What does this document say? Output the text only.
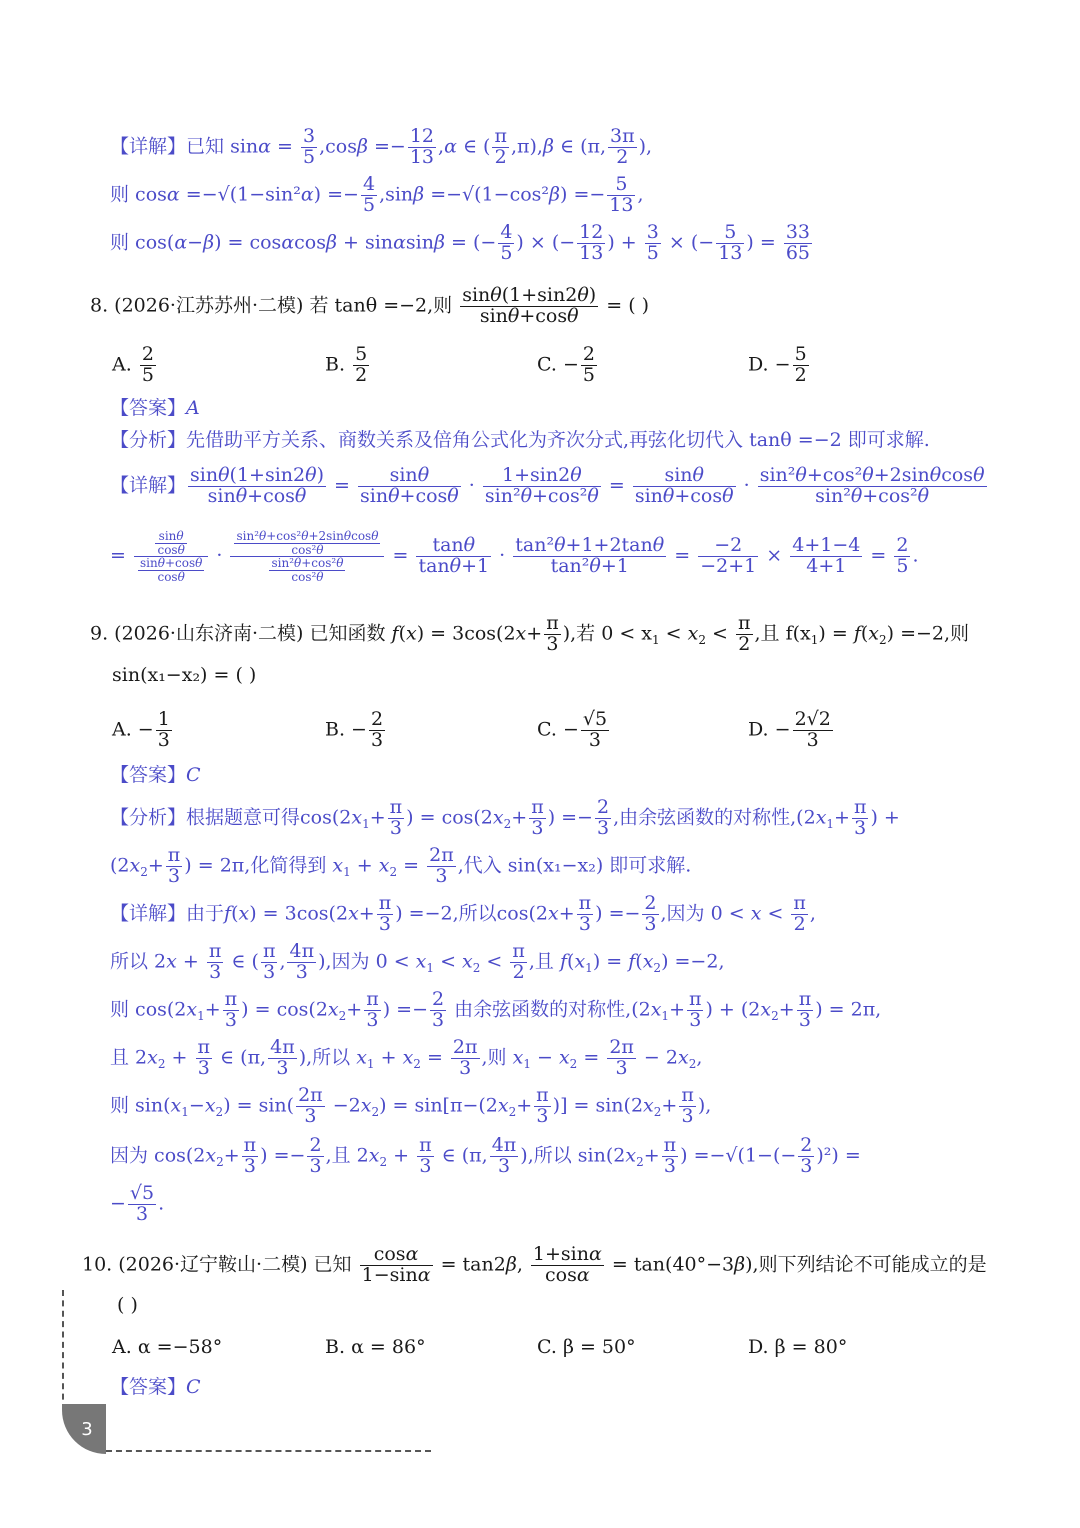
【详解】已知 $\sin\alpha = \frac{3}{5} ,\cos\beta =- \frac{12}{13} ,\alpha$ ∈ ( $\frac{\pi}{2} ,\pi),\beta$ ∈ (π, $\frac{3\pi}{2}$ ),
则 $\cos\alpha =-√(1-\sin^2\alpha) =- \frac{4}{5} ,\sin\beta =-√(1-\cos^2\beta) =- \frac{5}{13}$ ,
则 cos(α−β) = cosαcosβ + sinαsinβ = (− $\frac{4}{5}$ ) × (− $\frac{12}{13}$ ) + $\frac{3}{5}$ × (− $\frac{5}{13}$ ) = $\frac{33}{65}$
8. (2026·江苏苏州·二模) 若 tanθ =−2,则 $\frac{\sin\theta(1+\sin 2\theta)}{\sin\theta+\cos\theta}$ = ( )
A. $\frac{2}{5}$	B. $\frac{5}{2}$	C. − $\frac{2}{5}$	D. − $\frac{5}{2}$
【答案】A
【分析】先借助平方关系、商数关系及倍角公式化为齐次分式,再弦化切代入 tanθ =−2 即可求解.
【详解】 $\frac{\sin\theta(1+\sin 2\theta)}{\sin\theta+\cos\theta} = \frac{\sin\theta}{\sin\theta+\cos\theta} \cdot \frac{1+\sin 2\theta}{\text{sin²θ+cos²θ}} = \frac{\sin\theta}{\sin\theta+\cos\theta} \cdot \frac{\text{sin²θ+cos²θ+2sinθcosθ}}{\text{sin²θ+cos²θ}}$
= $\frac{\frac{\sin\theta}{\cos\theta}}{\frac{\sin\theta+\cos\theta}{\cos\theta}} \cdot \frac{\frac{\text{sin²θ+cos²θ+2sinθcosθ}}{\text{cos²θ}}}{\frac{\text{sin²θ+cos²θ}}{\text{cos²θ}}} = \frac{\tan\theta}{\tan\theta+1} \cdot \frac{\text{tan²θ+1+2tanθ}}{\text{tan²θ+1}} = \frac{-2}{-2+1} \times \frac{4+1-4}{4+1} = \frac{2}{5}$ .
9. (2026·山东济南·二模) 已知函数 $f(x) = 3\cos(2x+ \frac{\pi}{3}$ ),若 $0 < x_1 < x_2 < \frac{\pi}{2}$ ,且 $f(x_1) = f(x_2) =-2$,则
sin(x₁−x₂) = ( )
A. − $\frac{1}{3}$	B. − $\frac{2}{3}$	C. − $\frac{√5}{3}$	D. − $\frac{2√2}{3}$
【答案】C
【分析】根据题意可得$\cos(2x_1+ \frac{\pi}{3}$ ) = $\cos(2x_2+ \frac{\pi}{3}$ ) =− $\frac{2}{3}$ ,由余弦函数的对称性$,(2x_1+ \frac{\pi}{3}$ ) +
($2x_2+ \frac{\pi}{3}$ ) = 2π,化简得到 $x_1 + x_2 = \frac{2\pi}{3}$ ,代入 sin(x₁−x₂) 即可求解.
【详解】由于$f(x) = 3\cos(2x+ \frac{\pi}{3}$ ) =−2,所以$\cos(2x+ \frac{\pi}{3}$ ) =− $\frac{2}{3}$ ,因为 $0 < x < \frac{\pi}{2}$ ,
所以 $2x + \frac{\pi}{3}$ ∈ ( $\frac{\pi}{3}$ , $\frac{4\pi}{3}$ ),因为 $0 < x_1 < x_2 < \frac{\pi}{2}$ ,且 $f(x_1) = f(x_2) =-2$,
则 $\cos(2x_1+ \frac{\pi}{3}$ ) = $\cos(2x_2+ \frac{\pi}{3}$ ) =− $\frac{2}{3}$ 由余弦函数的对称性$,(2x_1+ \frac{\pi}{3}$ ) + ($2x_2+ \frac{\pi}{3}$ ) = 2π,
且 $2x_2 + \frac{\pi}{3}$ ∈ (π, $\frac{4\pi}{3}$ ),所以 $x_1 + x_2 = \frac{2\pi}{3}$ ,则 $x_1 - x_2 = \frac{2\pi}{3} - 2x_2$,
则 $\sin(x_1-x_2) = \sin( \frac{2\pi}{3} -2x_2) = \sin[\pi-(2x_2+ \frac{\pi}{3}$ )] = $\sin(2x_2+ \frac{\pi}{3}$ ),
因为 $\cos(2x_2+ \frac{\pi}{3}$ ) =− $\frac{2}{3}$ ,且 $2x_2 + \frac{\pi}{3}$ ∈ (π, $\frac{4\pi}{3}$ ),所以 $\sin(2x_2+ \frac{\pi}{3}$ ) $=-√(1-(- \frac{2}{3} )^2)$ =
− $\frac{√5}{3}$ .
10. (2026·辽宁鞍山·二模) 已知 $\frac{\cos\alpha}{1-\sin\alpha} = \tan 2\beta$, $\frac{1+\sin\alpha}{\cos\alpha} = \tan(40^\circ-3\beta)$,则下列结论不可能成立的是
( )
A. α =−58°	B. α = 86°	C. β = 50°	D. β = 80°
【答案】C
3
